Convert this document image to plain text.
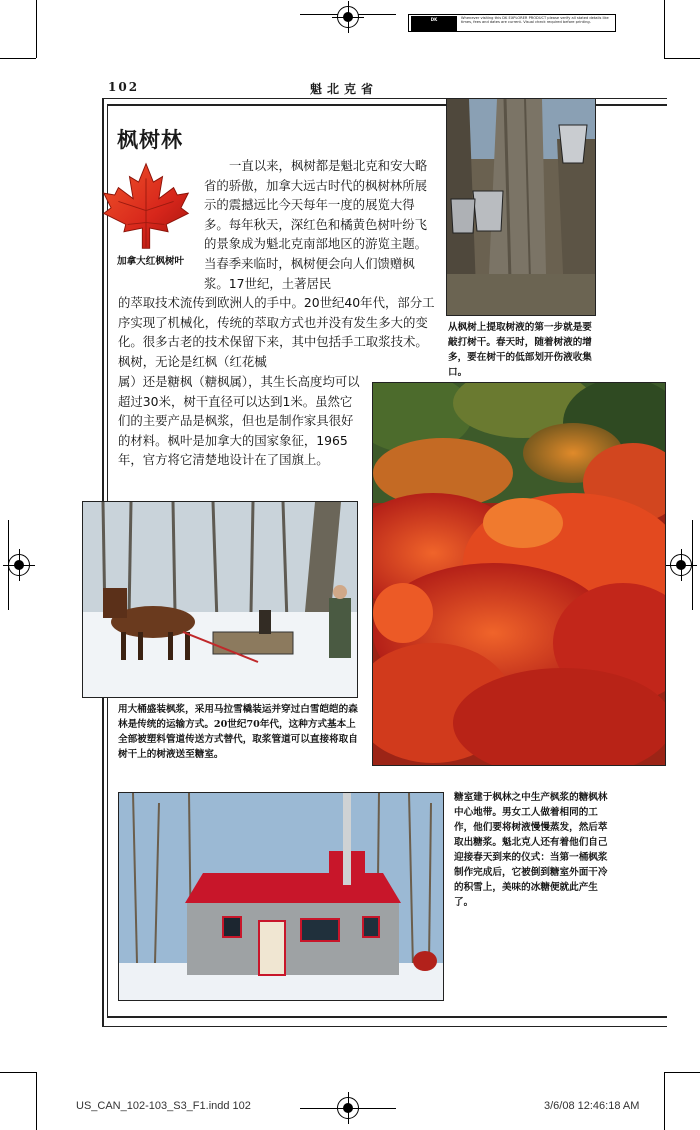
DK	Whenever visiting this DK EXPLORER PRODUCT please verify all stated details like times, fees and dates are current. Visual check required before printing.
102	魁北克省
枫树林
加拿大红枫树叶

一直以来，枫树都是魁北克和安大略省的骄傲，加拿大远古时代的枫树林所展示的震撼远比今天每年一度的展览大得多。每年秋天，深红色和橘黄色树叶纷飞的景象成为魁北克南部地区的游览主题。当春季来临时，枫树便会向人们馈赠枫浆。17世纪，土著居民

的萃取技术流传到欧洲人的手中。20世纪40年代，部分工序实现了机械化，传统的萃取方式也并没有发生多大的变化。很多古老的技术保留下来，其中包括手工取浆技术。枫树，无论是红枫（红花槭

属）还是糖枫（糖枫属），其生长高度均可以超过30米，树干直径可以达到1米。虽然它们的主要产品是枫浆，但也是制作家具很好的材料。枫叶是加拿大的国家象征，1965年，官方将它清楚地设计在了国旗上。

从枫树上提取树液的第一步就是要敲打树干。春天时，随着树液的增多，要在树干的低部划开伤液收集口。

用大桶盛装枫浆，采用马拉雪橇装运并穿过白雪皑皑的森林是传统的运输方式。20世纪70年代，这种方式基本上全部被塑料管道传送方式替代，取浆管道可以直接将取自树干上的树液送至糖室。

糖室建于枫林之中生产枫浆的糖枫林中心地带。男女工人做着相同的工作，他们要将树液慢慢蒸发，然后萃取出糖浆。魁北克人还有着他们自己迎接春天到来的仪式：当第一桶枫浆制作完成后，它被倒到糖室外面干冷的积雪上，美味的冰糖便就此产生了。

US_CAN_102-103_S3_F1.indd 102	3/6/08 12:46:18 AM
